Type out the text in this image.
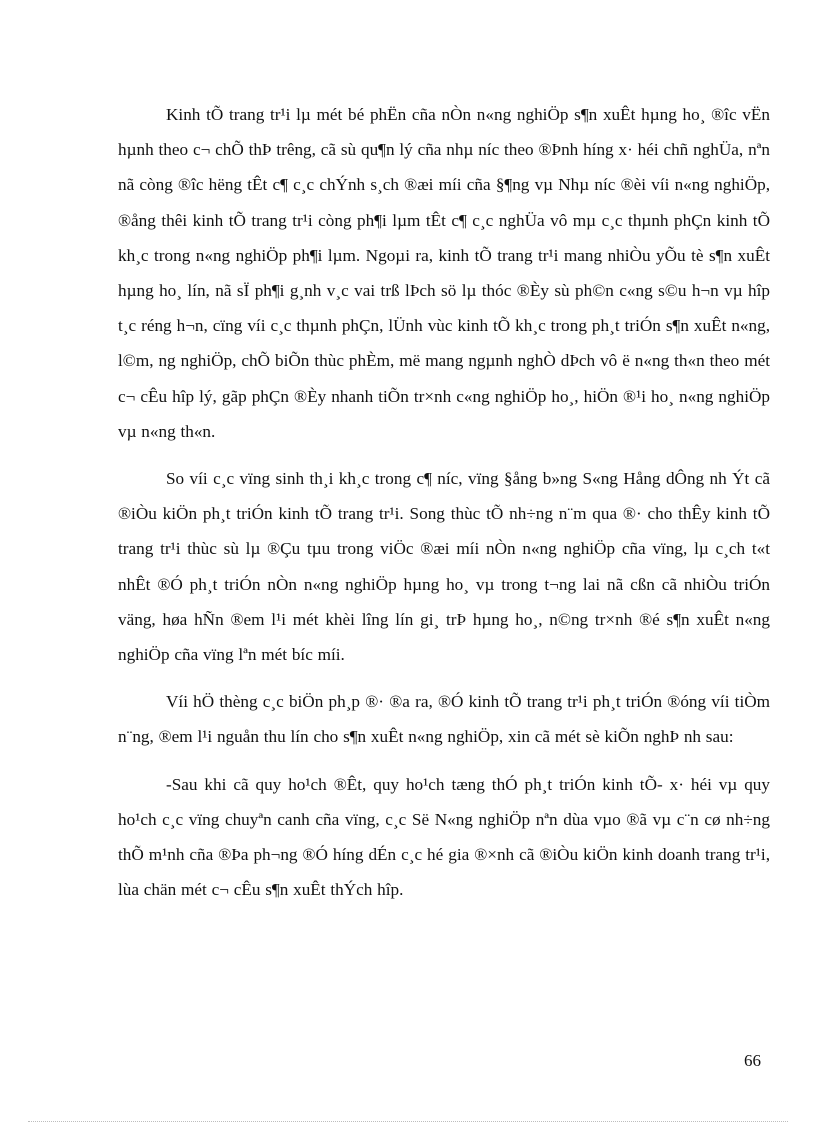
Kinh tÕ trang tr¹i lµ mét bé phËn cña nÒn n«ng nghiÖp s¶n xuÊt hµng ho¸ ®îc vËn hµnh theo c¬ chÕ thÞ trêng, cã sù qu¶n lý cña nhµ níc theo ®Þnh híng x· héi chñ nghÜa, nªn nã còng ®îc hëng tÊt c¶ c¸c chÝnh s¸ch ®æi míi cña §¶ng vµ Nhµ níc ®èi víi n«ng nghiÖp, ®ång thêi kinh tÕ trang tr¹i còng ph¶i lµm tÊt c¶ c¸c nghÜa vô mµ c¸c thµnh phÇn kinh tÕ kh¸c trong n«ng nghiÖp ph¶i lµm. Ngoµi ra, kinh tÕ trang tr¹i mang nhiÒu yÕu tè s¶n xuÊt hµng ho¸ lín, nã sÏ ph¶i g¸nh v¸c vai trß lÞch sö lµ thóc ®Èy sù ph©n c«ng s©u h¬n vµ hîp t¸c réng h¬n, cïng víi c¸c thµnh phÇn, lÜnh vùc kinh tÕ kh¸c trong ph¸t triÓn s¶n xuÊt n«ng, l©m, ng nghiÖp, chÕ biÕn thùc phÈm, më mang ngµnh nghÒ dÞch vô ë n«ng th«n theo mét c¬ cÊu hîp lý, gãp phÇn ®Èy nhanh tiÕn tr×nh c«ng nghiÖp ho¸, hiÖn ®¹i ho¸ n«ng nghiÖp vµ n«ng th«n.

So víi c¸c vïng sinh th¸i kh¸c trong c¶ níc, vïng §ång b»ng S«ng Hång dÔng nh Ýt cã ®iÒu kiÖn ph¸t triÓn kinh tÕ trang tr¹i. Song thùc tÕ nh÷ng n¨m qua ®· cho thÊy kinh tÕ trang tr¹i thùc sù lµ ®Çu tµu trong viÖc ®æi míi nÒn n«ng nghiÖp cña vïng, lµ c¸ch t«t nhÊt ®Ó ph¸t triÓn nÒn n«ng nghiÖp hµng ho¸ vµ trong t¬ng lai nã cßn cã nhiÒu triÓn väng, høa hÑn ®em l¹i mét khèi lîng lín gi¸ trÞ hµng ho¸, n©ng tr×nh ®é s¶n xuÊt n«ng nghiÖp cña vïng lªn mét bíc míi.

Víi hÖ thèng c¸c biÖn ph¸p ®· ®a ra, ®Ó kinh tÕ trang tr¹i ph¸t triÓn ®óng víi tiÒm n¨ng, ®em l¹i nguån thu lín cho s¶n xuÊt n«ng nghiÖp, xin cã mét sè kiÕn nghÞ nh sau:

-Sau khi cã quy ho¹ch ®Êt, quy ho¹ch tæng thÓ ph¸t triÓn kinh tÕ- x· héi vµ quy ho¹ch c¸c vïng chuyªn canh cña vïng, c¸c Së N«ng nghiÖp nªn dùa vµo ®ã vµ c¨n cø nh÷ng thÕ m¹nh cña ®Þa ph¬ng ®Ó híng dÉn c¸c hé gia ®×nh cã ®iÒu kiÖn kinh doanh trang tr¹i, lùa chän mét c¬ cÊu s¶n xuÊt thÝch hîp.

66
